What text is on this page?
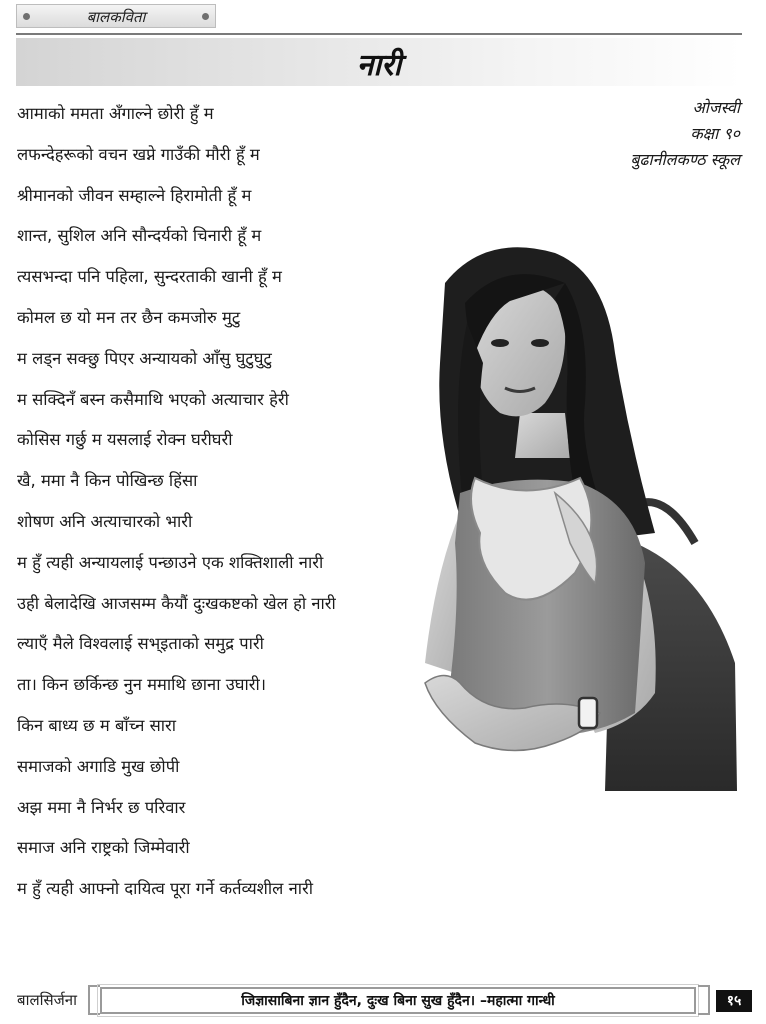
बालकविता
नारी
ओजस्वी
कक्षा ९०
बुढानीलकण्ठ स्कूल
आमाको ममता अँगाल्ने छोरी हुँ म
लफन्देहरूको वचन खप्ने गाउँकी मौरी हूँ म
श्रीमानको जीवन सम्हाल्ने हिरामोती हूँ म
शान्त, सुशिल अनि सौन्दर्यको चिनारी हूँ म
त्यसभन्दा पनि पहिला, सुन्दरताकी खानी हूँ म
कोमल छ यो मन तर छैन कमजोरु मुटु
म लड्न सक्छु पिएर अन्यायको आँसु घुटुघुटु
म सक्दिनँ बस्न कसैमाथि भएको अत्याचार हेरी
कोसिस गर्छु म यसलाई रोक्न घरीघरी
खै, ममा नै किन पोखिन्छ हिंसा
शोषण अनि अत्याचारको भारी
म हुँ त्यही अन्यायलाई पन्छाउने एक शक्तिशाली नारी
उही बेलादेखि आजसम्म कैयौं दुःखकष्टको खेल हो नारी
ल्याएँ मैले विश्वलाई सभ्इताको समुद्र पारी
ता। किन छर्किन्छ नुन ममाथि छाना उघारी।
किन बाध्य छ म बाँच्न सारा
समाजको अगाडि मुख छोपी
अझ ममा नै निर्भर छ परिवार
समाज अनि राष्ट्रको जिम्मेवारी
म हुँ त्यही आफ्नो दायित्व पूरा गर्ने कर्तव्यशील नारी
बालसिर्जना	जिज्ञासाबिना ज्ञान हुँदैन, दुःख बिना सुख हुँदैन। –महात्मा गान्धी	१५
